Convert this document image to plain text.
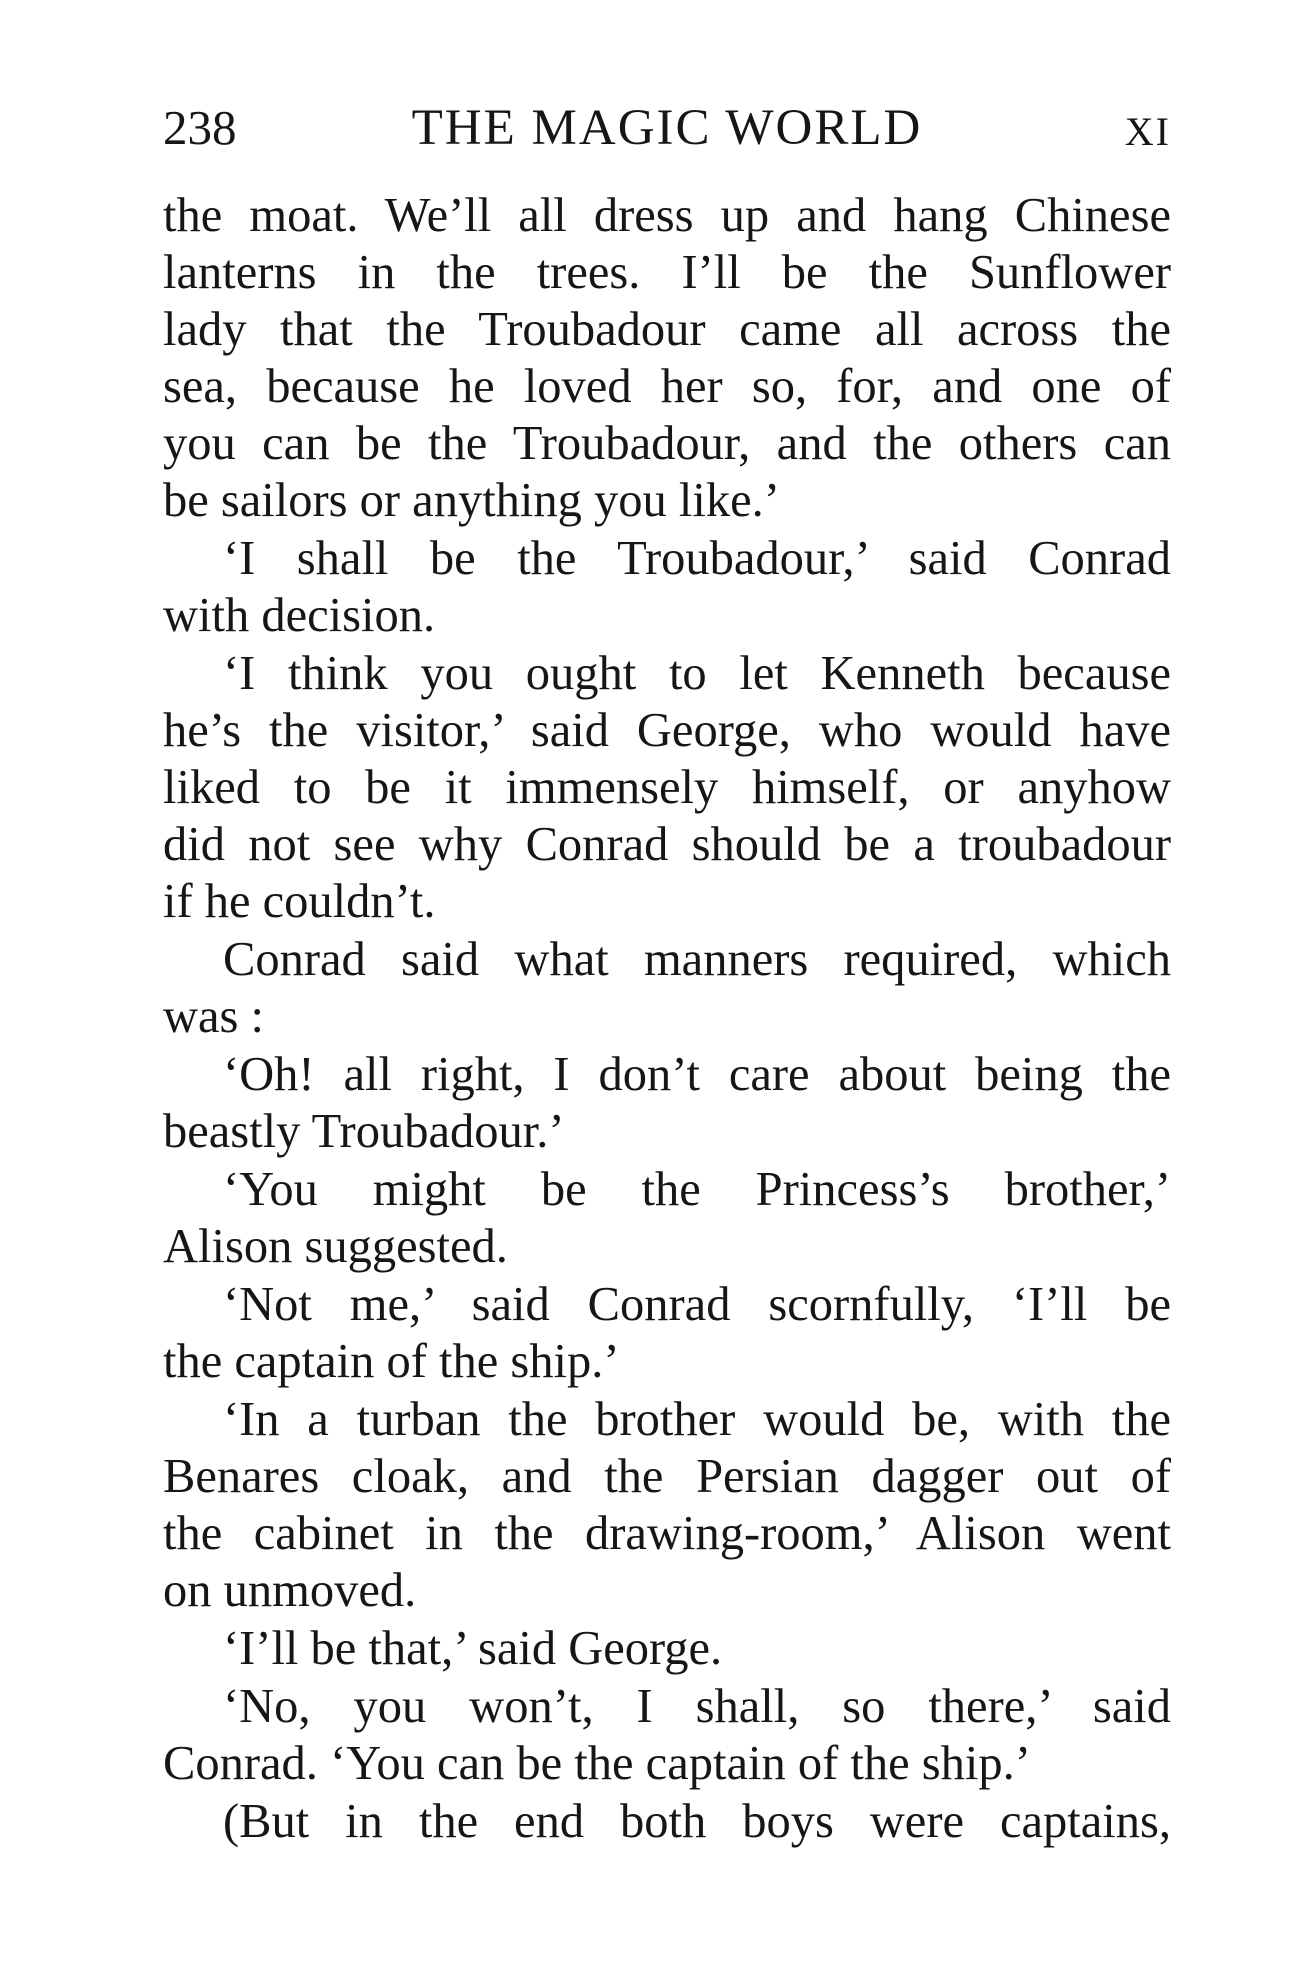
238	THE MAGIC WORLD	XI
the moat. We’ll all dress up and hang Chinese
lanterns in the trees. I’ll be the Sunflower
lady that the Troubadour came all across the
sea, because he loved her so, for, and one of
you can be the Troubadour, and the others can
be sailors or anything you like.’
‘I shall be the Troubadour,’ said Conrad
with decision.
‘I think you ought to let Kenneth because
he’s the visitor,’ said George, who would have
liked to be it immensely himself, or anyhow
did not see why Conrad should be a troubadour
if he couldn’t.
Conrad said what manners required, which
was :
‘Oh! all right, I don’t care about being the
beastly Troubadour.’
‘You might be the Princess’s brother,’
Alison suggested.
‘Not me,’ said Conrad scornfully, ‘I’ll be
the captain of the ship.’
‘In a turban the brother would be, with the
Benares cloak, and the Persian dagger out of
the cabinet in the drawing-room,’ Alison went
on unmoved.
‘I’ll be that,’ said George.
‘No, you won’t, I shall, so there,’ said
Conrad. ‘You can be the captain of the ship.’
(But in the end both boys were captains,
